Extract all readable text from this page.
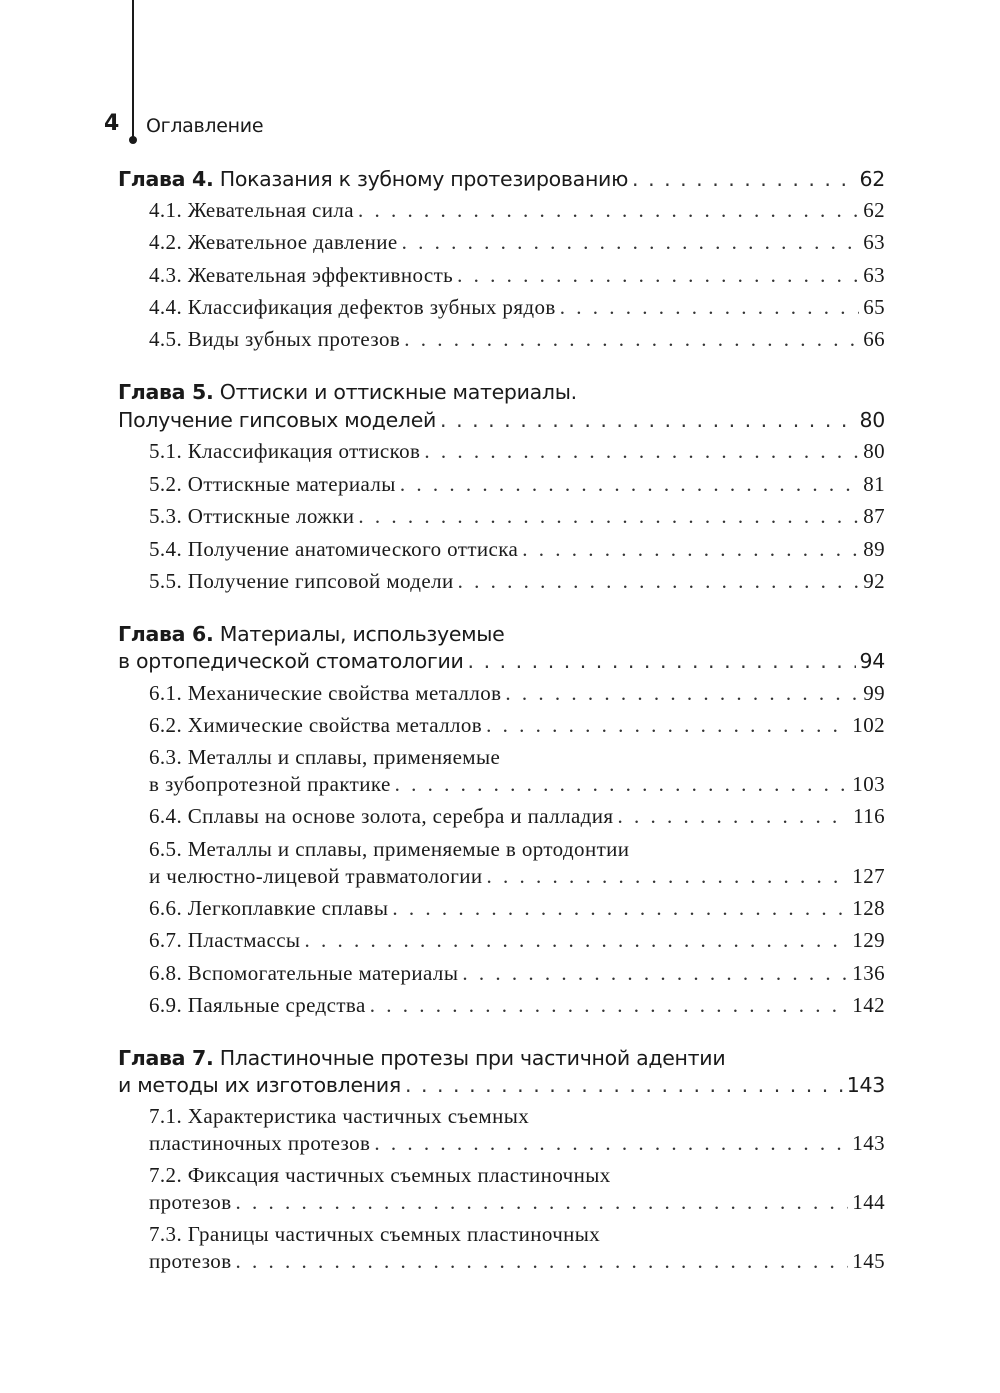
4 Оглавление
Глава 4.
Показания к зубному протезированию . . .	62
4.1. Жевательная сила . . .	62
4.2. Жевательное давление . . .	63
4.3. Жевательная эффективность . . .	63
4.4. Классификация дефектов зубных рядов . . .	65
4.5. Виды зубных протезов . . .	66
Глава 5.
Оттиски и оттискные материалы.
Получение гипсовых моделей . . .	80
5.1. Классификация оттисков . . .	80
5.2. Оттискные материалы . . .	81
5.3. Оттискные ложки . . .	87
5.4. Получение анатомического оттиска . . .	89
5.5. Получение гипсовой модели . . .	92
Глава 6.
Материалы, используемые
в ортопедической стоматологии . . .	94
6.1. Механические свойства металлов . . .	99
6.2. Химические свойства металлов . . .	102
6.3. Металлы и сплавы, применяемые
в зубопротезной практике . . .	103
6.4. Сплавы на основе золота, серебра и палладия . . .	116
6.5. Металлы и сплавы, применяемые в ортодонтии
и челюстно-лицевой травматологии . . .	127
6.6. Легкоплавкие сплавы . . .	128
6.7. Пластмассы . . .	129
6.8. Вспомогательные материалы . . .	136
6.9. Паяльные средства . . .	142
Глава 7.
Пластиночные протезы при частичной адентии
и методы их изготовления . . .	143
7.1. Характеристика частичных съемных
пластиночных протезов . . .	143
7.2. Фиксация частичных съемных пластиночных
протезов . . .	144
7.3. Границы частичных съемных пластиночных
протезов . . .	145
